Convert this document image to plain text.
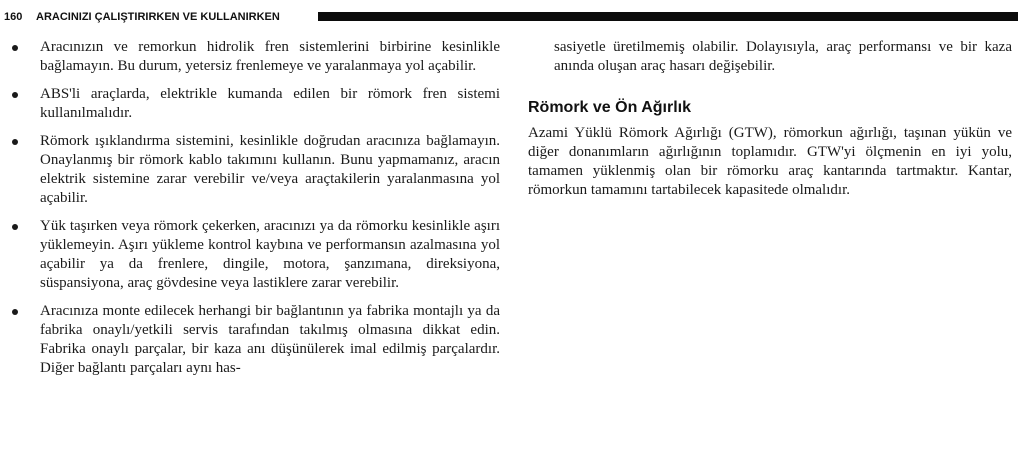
160 ARACINIZI ÇALIŞTIRIRKEN VE KULLANIRKEN
Aracınızın ve remorkun hidrolik fren sistemlerini birbirine kesinlikle bağlamayın. Bu durum, yetersiz frenlemeye ve yaralanmaya yol açabilir.
ABS'li araçlarda, elektrikle kumanda edilen bir römork fren sistemi kullanılmalıdır.
Römork ışıklandırma sistemini, kesinlikle doğrudan aracınıza bağlamayın. Onaylanmış bir römork kablo takımını kullanın. Bunu yapmamanız, aracın elektrik sistemine zarar verebilir ve/veya araçtakilerin yaralanmasına yol açabilir.
Yük taşırken veya römork çekerken, aracınızı ya da römorku kesinlikle aşırı yüklemeyin. Aşırı yükleme kontrol kaybına ve performansın azalmasına yol açabilir ya da frenlere, dingile, motora, şanzımana, direksiyona, süspansiyona, araç gövdesine veya lastiklere zarar verebilir.
Aracınıza monte edilecek herhangi bir bağlantının ya fabrika montajlı ya da fabrika onaylı/yetkili servis tarafından takılmış olmasına dikkat edin. Fabrika onaylı parçalar, bir kaza anı düşünülerek imal edilmiş parçalardır. Diğer bağlantı parçaları aynı has-

sasiyetle üretilmemiş olabilir. Dolayısıyla, araç performansı ve bir kaza anında oluşan araç hasarı değişebilir.

Römork ve Ön Ağırlık

Azami Yüklü Römork Ağırlığı (GTW), römorkun ağırlığı, taşınan yükün ve diğer donanımların ağırlığının toplamıdır. GTW'yi ölçmenin en iyi yolu, tamamen yüklenmiş olan bir römorku araç kantarında tartmaktır. Kantar, römorkun tamamını tartabilecek kapasitede olmalıdır.
